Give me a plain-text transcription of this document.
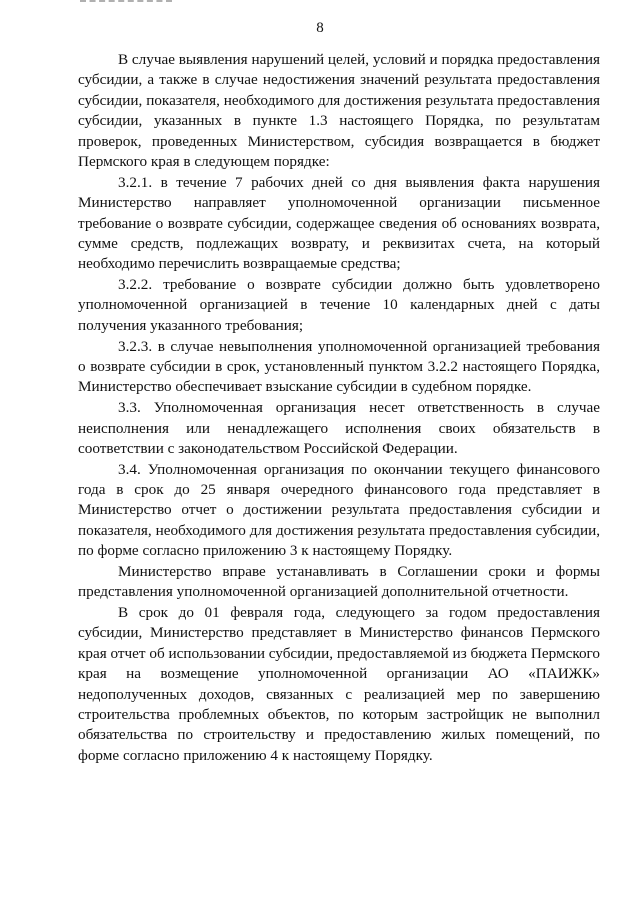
8

В случае выявления нарушений целей, условий и порядка предоставления субсидии, а также в случае недостижения значений результата предоставления субсидии, показателя, необходимого для достижения результата предоставления субсидии, указанных в пункте 1.3 настоящего Порядка, по результатам проверок, проведенных Министерством, субсидия возвращается в бюджет Пермского края в следующем порядке:

3.2.1. в течение 7 рабочих дней со дня выявления факта нарушения Министерство направляет уполномоченной организации письменное требование о возврате субсидии, содержащее сведения об основаниях возврата, сумме средств, подлежащих возврату, и реквизитах счета, на который необходимо перечислить возвращаемые средства;

3.2.2. требование о возврате субсидии должно быть удовлетворено уполномоченной организацией в течение 10 календарных дней с даты получения указанного требования;

3.2.3. в случае невыполнения уполномоченной организацией требования о возврате субсидии в срок, установленный пунктом 3.2.2 настоящего Порядка, Министерство обеспечивает взыскание субсидии в судебном порядке.

3.3. Уполномоченная организация несет ответственность в случае неисполнения или ненадлежащего исполнения своих обязательств в соответствии с законодательством Российской Федерации.

3.4. Уполномоченная организация по окончании текущего финансового года в срок до 25 января очередного финансового года представляет в Министерство отчет о достижении результата предоставления субсидии и показателя, необходимого для достижения результата предоставления субсидии, по форме согласно приложению 3 к настоящему Порядку.

Министерство вправе устанавливать в Соглашении сроки и формы представления уполномоченной организацией дополнительной отчетности.

В срок до 01 февраля года, следующего за годом предоставления субсидии, Министерство представляет в Министерство финансов Пермского края отчет об использовании субсидии, предоставляемой из бюджета Пермского края на возмещение уполномоченной организации АО «ПАИЖК» недополученных доходов, связанных с реализацией мер по завершению строительства проблемных объектов, по которым застройщик не выполнил обязательства по строительству и предоставлению жилых помещений, по форме согласно приложению 4 к настоящему Порядку.
